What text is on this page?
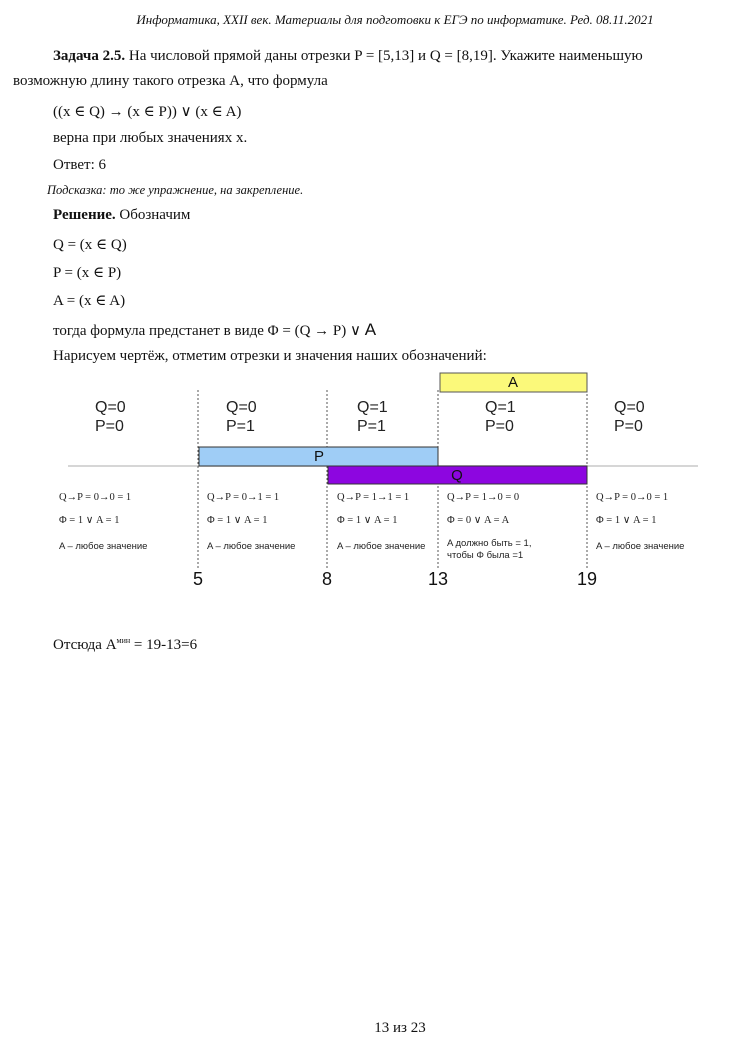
Информатика, XXII век. Материалы для подготовки к ЕГЭ по информатике. Ред. 08.11.2021
Задача 2.5. На числовой прямой даны отрезки P = [5,13] и Q = [8,19]. Укажите наименьшую
возможную длину такого отрезка A, что формула
((x ∈ Q) → (x ∈ P)) ∨ (x ∈ A)
верна при любых значениях x.
Ответ: 6
Подсказка: то же упражнение, на закрепление.
Решение. Обозначим
Q = (x ∈ Q)
P = (x ∈ P)
A = (x ∈ A)
тогда формула предстанет в виде Φ = (Q → P) ∨ A
Нарисуем чертёж, отметим отрезки и значения наших обозначений:
A
P
Q
Q=0
P=0
Q→P = 0→0 = 1
Φ = 1 ∨ A = 1
A – любое значение
Q=0
P=1
Q→P = 0→1 = 1
Φ = 1 ∨ A = 1
A – любое значение
Q=1
P=1
Q→P = 1→1 = 1
Φ = 1 ∨ A = 1
A – любое значение
Q=1
P=0
Q→P = 1→0 = 0
Φ = 0 ∨ A = A
A должно быть = 1,
чтобы Φ была =1
Q=0
P=0
Q→P = 0→0 = 1
Φ = 1 ∨ A = 1
A – любое значение
5	8	13	19
Отсюда $A^{мин} = 19-13=6$
13 из 23
